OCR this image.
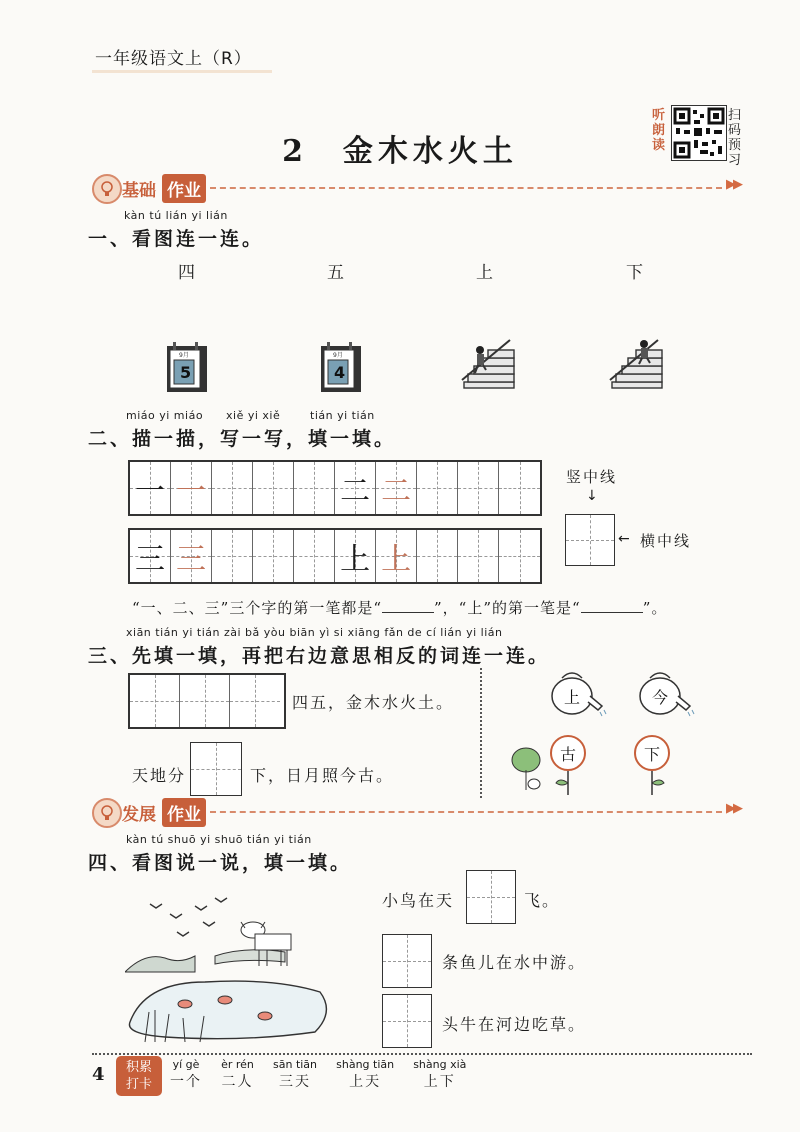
一年级语文上（R）
2　金木水火土
听朗读
扫码预习
基础 作业	▶▶
kàn tú lián yi lián
一、看图连一连。
四	五	上	下
9月
5
9月
4
miáo yi miáo xiě yi xiě	tián yi tián
二、描一描，写一写，填一填。
一 一	二 二
三 三	上 上
竖中线
↓
← 横中线
“一、二、三”三个字的第一笔都是“	”，“上”的第一笔是“	”。
xiān tián yi tián zài bǎ yòu biān yì si xiāng fǎn de cí lián yi lián
三、先填一填，再把右边意思相反的词连一连。
四五，金木水火土。
天地分	下，日月照今古。
上	今
古	下
发展 作业	▶▶
kàn tú shuō yi shuō tián yi tián
四、看图说一说，填一填。
小鸟在天	飞。
条鱼儿在水中游。
头牛在河边吃草。
4	积累
打卡
yí gè
一个

èr rén
二人

sān tiān
三天

shàng tiān
上天

shàng xià
上下
